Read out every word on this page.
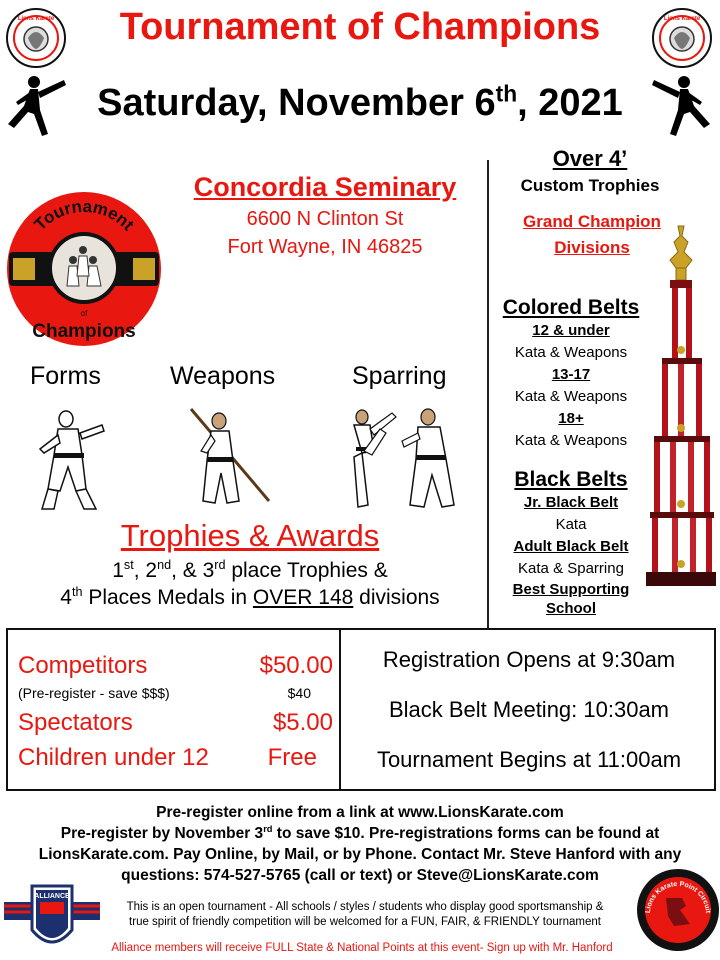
Tournament of Champions
Saturday, November 6th, 2021
Lions Karate	Lions Karate
Tournament
of
Champions
Concordia Seminary
6600 N Clinton St
Fort Wayne, IN 46825
Forms	Weapons	Sparring
Trophies & Awards
1st, 2nd, & 3rd place Trophies &
4th Places Medals in OVER 148 divisions
Over 4’
Custom Trophies
Grand Champion
Divisions
Colored Belts
12 & under
Kata & Weapons
13-17
Kata & Weapons
18+
Kata & Weapons
Black Belts
Jr. Black Belt
Kata
Adult Black Belt
Kata & Sparring
Best Supporting
School
Competitors	$50.00
(Pre-register - save $$$)	$40
Spectators	$5.00
Children under 12 Free
Registration Opens at 9:30am
Black Belt Meeting: 10:30am
Tournament Begins at 11:00am
Pre-register online from a link at www.LionsKarate.com
Pre-register by November 3rd to save $10. Pre-registrations forms can be found at
LionsKarate.com. Pay Online, by Mail, or by Phone. Contact Mr. Steve Hanford with any
questions: 574-527-5765 (call or text) or Steve@LionsKarate.com
ALLIANCE
This is an open tournament - All schools / styles / students who display good sportsmanship &
true spirit of friendly competition will be welcomed for a FUN, FAIR, & FRIENDLY tournament
Alliance members will receive FULL State & National Points at this event- Sign up with Mr. Hanford
Lions Karate Point Circuit
